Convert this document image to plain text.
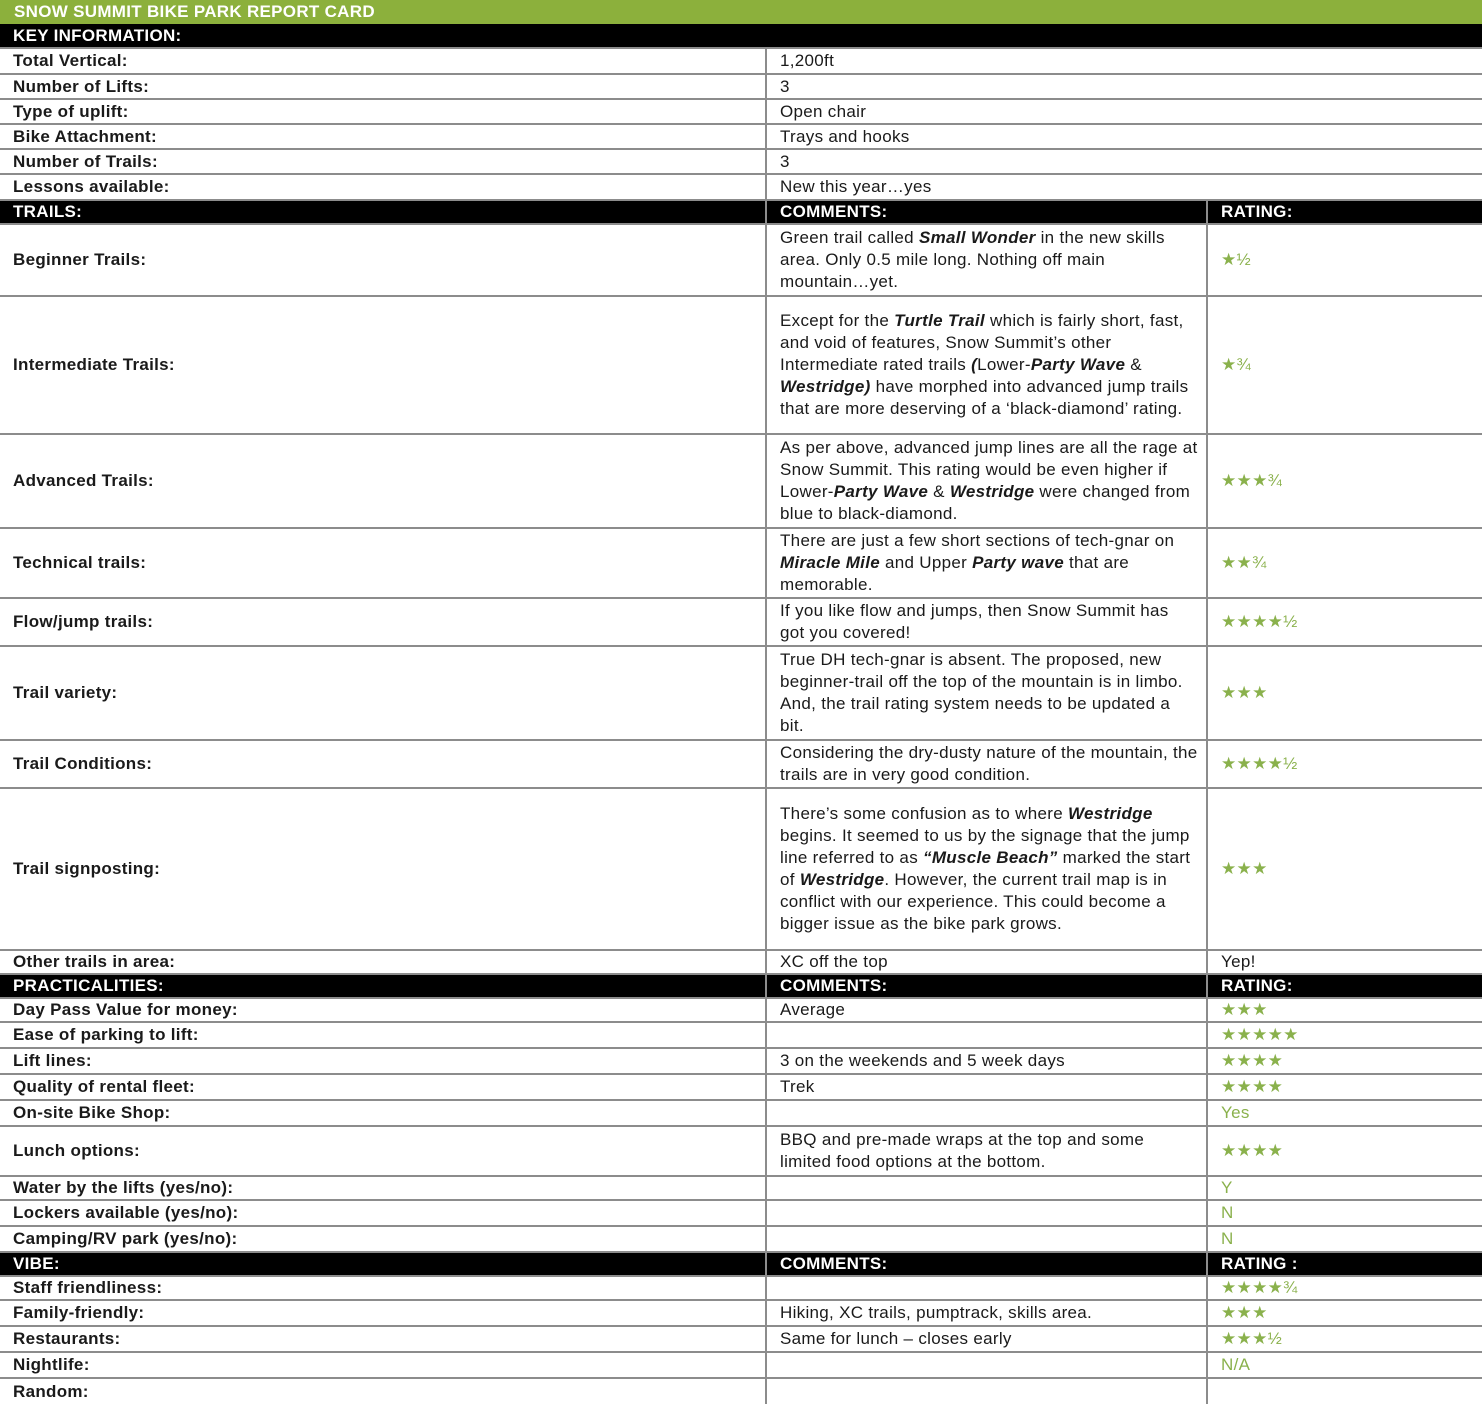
SNOW SUMMIT BIKE PARK REPORT CARD
KEY INFORMATION:		
Total Vertical:	1,200ft	
Number of Lifts:	3	
Type of uplift:	Open chair	
Bike Attachment:	Trays and hooks	
Number of Trails:	3	
Lessons available:	New this year…yes	
TRAILS:	COMMENTS:	RATING:
Beginner Trails:	Green trail called Small Wonder in the new skills area. Only 0.5 mile long. Nothing off main mountain…yet.	★½
Intermediate Trails:	Except for the Turtle Trail which is fairly short, fast, and void of features, Snow Summit’s other Intermediate rated trails (Lower-Party Wave & Westridge) have morphed into advanced jump trails that are more deserving of a ‘black-diamond’ rating.	★¾
Advanced Trails:	As per above, advanced jump lines are all the rage at Snow Summit. This rating would be even higher if Lower-Party Wave & Westridge were changed from blue to black-diamond.	★★★¾
Technical trails:	There are just a few short sections of tech-gnar on Miracle Mile and Upper Party wave that are memorable.	★★¾
Flow/jump trails:	If you like flow and jumps, then Snow Summit has got you covered!	★★★★½
Trail variety:	True DH tech-gnar is absent. The proposed, new beginner-trail off the top of the mountain is in limbo. And, the trail rating system needs to be updated a bit.	★★★
Trail Conditions:	Considering the dry-dusty nature of the mountain, the trails are in very good condition.	★★★★½
Trail signposting:	There’s some confusion as to where Westridge begins. It seemed to us by the signage that the jump line referred to as “Muscle Beach” marked the start of Westridge. However, the current trail map is in conflict with our experience. This could become a bigger issue as the bike park grows.	★★★
Other trails in area:	XC off the top	Yep!
PRACTICALITIES:	COMMENTS:	RATING:
Day Pass Value for money:	Average	★★★
Ease of parking to lift:		★★★★★
Lift lines:	3 on the weekends and 5 week days	★★★★
Quality of rental fleet:	Trek	★★★★
On-site Bike Shop:		Yes
Lunch options:	BBQ and pre-made wraps at the top and some limited food options at the bottom.	★★★★
Water by the lifts (yes/no):		Y
Lockers available (yes/no):		N
Camping/RV park (yes/no):		N
VIBE:	COMMENTS:	RATING :
Staff friendliness:		★★★★¾
Family-friendly:	Hiking, XC trails, pumptrack, skills area.	★★★
Restaurants:	Same for lunch – closes early	★★★½
Nightlife:		N/A
Random:		
